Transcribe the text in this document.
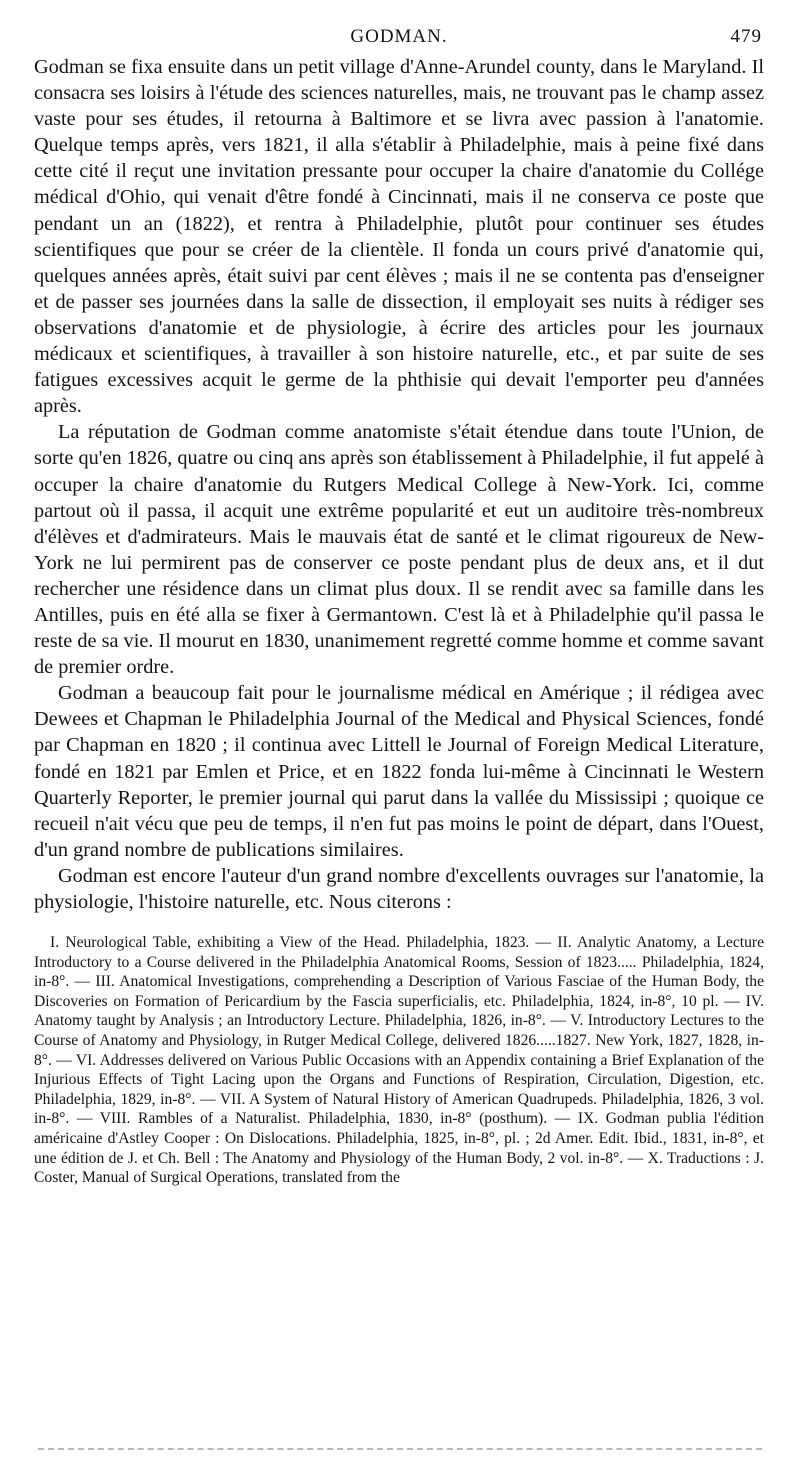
GODMAN.	479

Godman se fixa ensuite dans un petit village d'Anne-Arundel county, dans le Maryland. Il consacra ses loisirs à l'étude des sciences naturelles, mais, ne trouvant pas le champ assez vaste pour ses études, il retourna à Baltimore et se livra avec passion à l'anatomie. Quelque temps après, vers 1821, il alla s'établir à Philadelphie, mais à peine fixé dans cette cité il reçut une invitation pressante pour occuper la chaire d'anatomie du Collége médical d'Ohio, qui venait d'être fondé à Cincinnati, mais il ne conserva ce poste que pendant un an (1822), et rentra à Philadelphie, plutôt pour continuer ses études scientifiques que pour se créer de la clientèle. Il fonda un cours privé d'anatomie qui, quelques années après, était suivi par cent élèves ; mais il ne se contenta pas d'enseigner et de passer ses journées dans la salle de dissection, il employait ses nuits à rédiger ses observations d'anatomie et de physiologie, à écrire des articles pour les journaux médicaux et scientifiques, à travailler à son histoire naturelle, etc., et par suite de ses fatigues excessives acquit le germe de la phthisie qui devait l'emporter peu d'années après.

La réputation de Godman comme anatomiste s'était étendue dans toute l'Union, de sorte qu'en 1826, quatre ou cinq ans après son établissement à Philadelphie, il fut appelé à occuper la chaire d'anatomie du Rutgers Medical College à New-York. Ici, comme partout où il passa, il acquit une extrême popularité et eut un auditoire très-nombreux d'élèves et d'admirateurs. Mais le mauvais état de santé et le climat rigoureux de New-York ne lui permirent pas de conserver ce poste pendant plus de deux ans, et il dut rechercher une résidence dans un climat plus doux. Il se rendit avec sa famille dans les Antilles, puis en été alla se fixer à Germantown. C'est là et à Philadelphie qu'il passa le reste de sa vie. Il mourut en 1830, unanimement regretté comme homme et comme savant de premier ordre.

Godman a beaucoup fait pour le journalisme médical en Amérique ; il rédigea avec Dewees et Chapman le Philadelphia Journal of the Medical and Physical Sciences, fondé par Chapman en 1820 ; il continua avec Littell le Journal of Foreign Medical Literature, fondé en 1821 par Emlen et Price, et en 1822 fonda lui-même à Cincinnati le Western Quarterly Reporter, le premier journal qui parut dans la vallée du Mississipi ; quoique ce recueil n'ait vécu que peu de temps, il n'en fut pas moins le point de départ, dans l'Ouest, d'un grand nombre de publications similaires.

Godman est encore l'auteur d'un grand nombre d'excellents ouvrages sur l'anatomie, la physiologie, l'histoire naturelle, etc. Nous citerons :

I. Neurological Table, exhibiting a View of the Head. Philadelphia, 1823. — II. Analytic Anatomy, a Lecture Introductory to a Course delivered in the Philadelphia Anatomical Rooms, Session of 1823..... Philadelphia, 1824, in-8°. — III. Anatomical Investigations, comprehending a Description of Various Fasciae of the Human Body, the Discoveries on Formation of Pericardium by the Fascia superficialis, etc. Philadelphia, 1824, in-8°, 10 pl. — IV. Anatomy taught by Analysis ; an Introductory Lecture. Philadelphia, 1826, in-8°. — V. Introductory Lectures to the Course of Anatomy and Physiology, in Rutger Medical College, delivered 1826.....1827. New York, 1827, 1828, in-8°. — VI. Addresses delivered on Various Public Occasions with an Appendix containing a Brief Explanation of the Injurious Effects of Tight Lacing upon the Organs and Functions of Respiration, Circulation, Digestion, etc. Philadelphia, 1829, in-8°. — VII. A System of Natural History of American Quadrupeds. Philadelphia, 1826, 3 vol. in-8°. — VIII. Rambles of a Naturalist. Philadelphia, 1830, in-8° (posthum). — IX. Godman publia l'édition américaine d'Astley Cooper : On Dislocations. Philadelphia, 1825, in-8°, pl. ; 2d Amer. Edit. Ibid., 1831, in-8°, et une édition de J. et Ch. Bell : The Anatomy and Physiology of the Human Body, 2 vol. in-8°. — X. Traductions : J. Coster, Manual of Surgical Operations, translated from the
